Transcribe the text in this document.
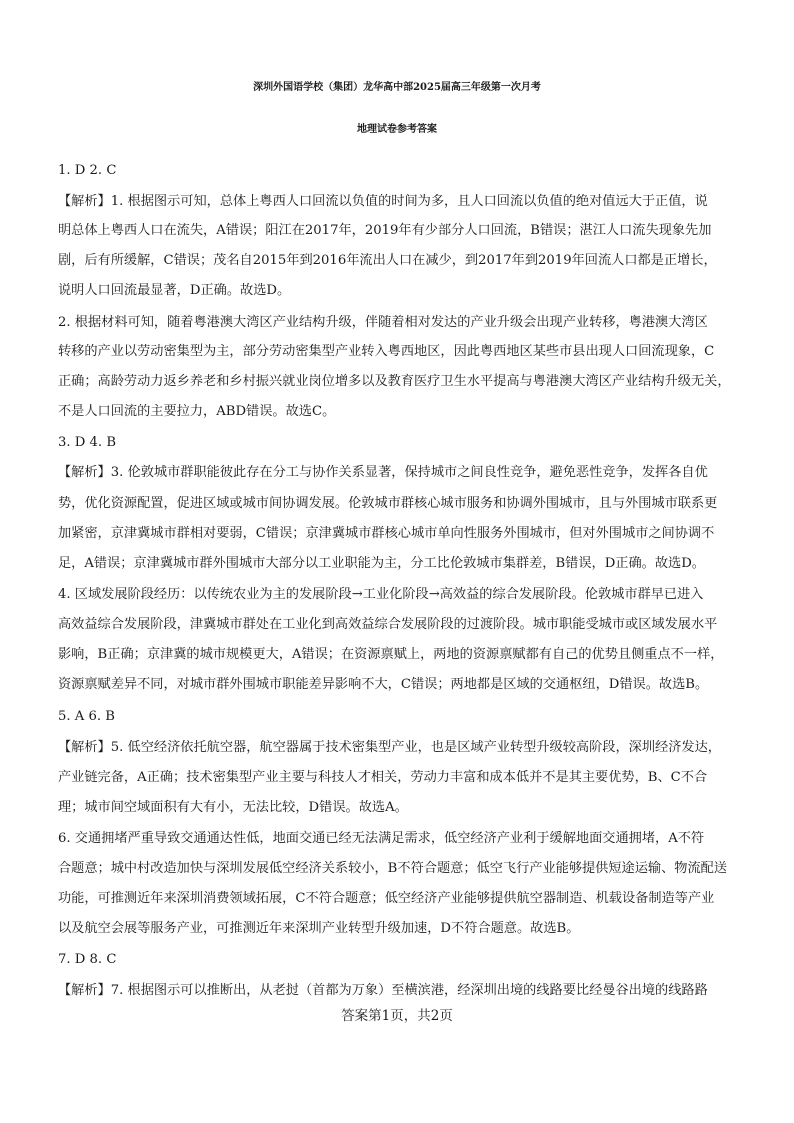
深圳外国语学校（集团）龙华高中部2025届高三年级第一次月考
地理试卷参考答案
1. D 2. C
【解析】1. 根据图示可知，总体上粤西人口回流以负值的时间为多，且人口回流以负值的绝对值远大于正值，说
明总体上粤西人口在流失，A错误；阳江在2017年，2019年有少部分人口回流，B错误；湛江人口流失现象先加
剧，后有所缓解，C错误；茂名自2015年到2016年流出人口在减少，到2017年到2019年回流人口都是正增长，
说明人口回流最显著，D正确。故选D。
2. 根据材料可知，随着粤港澳大湾区产业结构升级，伴随着相对发达的产业升级会出现产业转移，粤港澳大湾区
转移的产业以劳动密集型为主，部分劳动密集型产业转入粤西地区，因此粤西地区某些市县出现人口回流现象，C
正确；高龄劳动力返乡养老和乡村振兴就业岗位增多以及教育医疗卫生水平提高与粤港澳大湾区产业结构升级无关，
不是人口回流的主要拉力，ABD错误。故选C。
3. D 4. B
【解析】3. 伦敦城市群职能彼此存在分工与协作关系显著，保持城市之间良性竞争，避免恶性竞争，发挥各自优
势，优化资源配置，促进区域或城市间协调发展。伦敦城市群核心城市服务和协调外围城市，且与外围城市联系更
加紧密，京津冀城市群相对要弱，C错误；京津冀城市群核心城市单向性服务外围城市，但对外围城市之间协调不
足，A错误；京津冀城市群外围城市大部分以工业职能为主，分工比伦敦城市集群差，B错误，D正确。故选D。
4. 区域发展阶段经历：以传统农业为主的发展阶段→工业化阶段→高效益的综合发展阶段。伦敦城市群早已进入
高效益综合发展阶段，津冀城市群处在工业化到高效益综合发展阶段的过渡阶段。城市职能受城市或区域发展水平
影响，B正确；京津冀的城市规模更大，A错误；在资源禀赋上，两地的资源禀赋都有自己的优势且侧重点不一样，
资源禀赋差异不同，对城市群外围城市职能差异影响不大，C错误；两地都是区域的交通枢纽，D错误。故选B。
5. A 6. B
【解析】5. 低空经济依托航空器，航空器属于技术密集型产业，也是区域产业转型升级较高阶段，深圳经济发达，
产业链完备，A正确；技术密集型产业主要与科技人才相关，劳动力丰富和成本低并不是其主要优势，B、C不合
理；城市间空域面积有大有小，无法比较，D错误。故选A。
6. 交通拥堵严重导致交通通达性低，地面交通已经无法满足需求，低空经济产业利于缓解地面交通拥堵，A不符
合题意；城中村改造加快与深圳发展低空经济关系较小，B不符合题意；低空飞行产业能够提供短途运输、物流配送
功能，可推测近年来深圳消费领域拓展，C不符合题意；低空经济产业能够提供航空器制造、机载设备制造等产业
以及航空会展等服务产业，可推测近年来深圳产业转型升级加速，D不符合题意。故选B。
7. D 8. C
【解析】7. 根据图示可以推断出，从老挝（首都为万象）至横滨港，经深圳出境的线路要比经曼谷出境的线路路
答案第1页，共2页
